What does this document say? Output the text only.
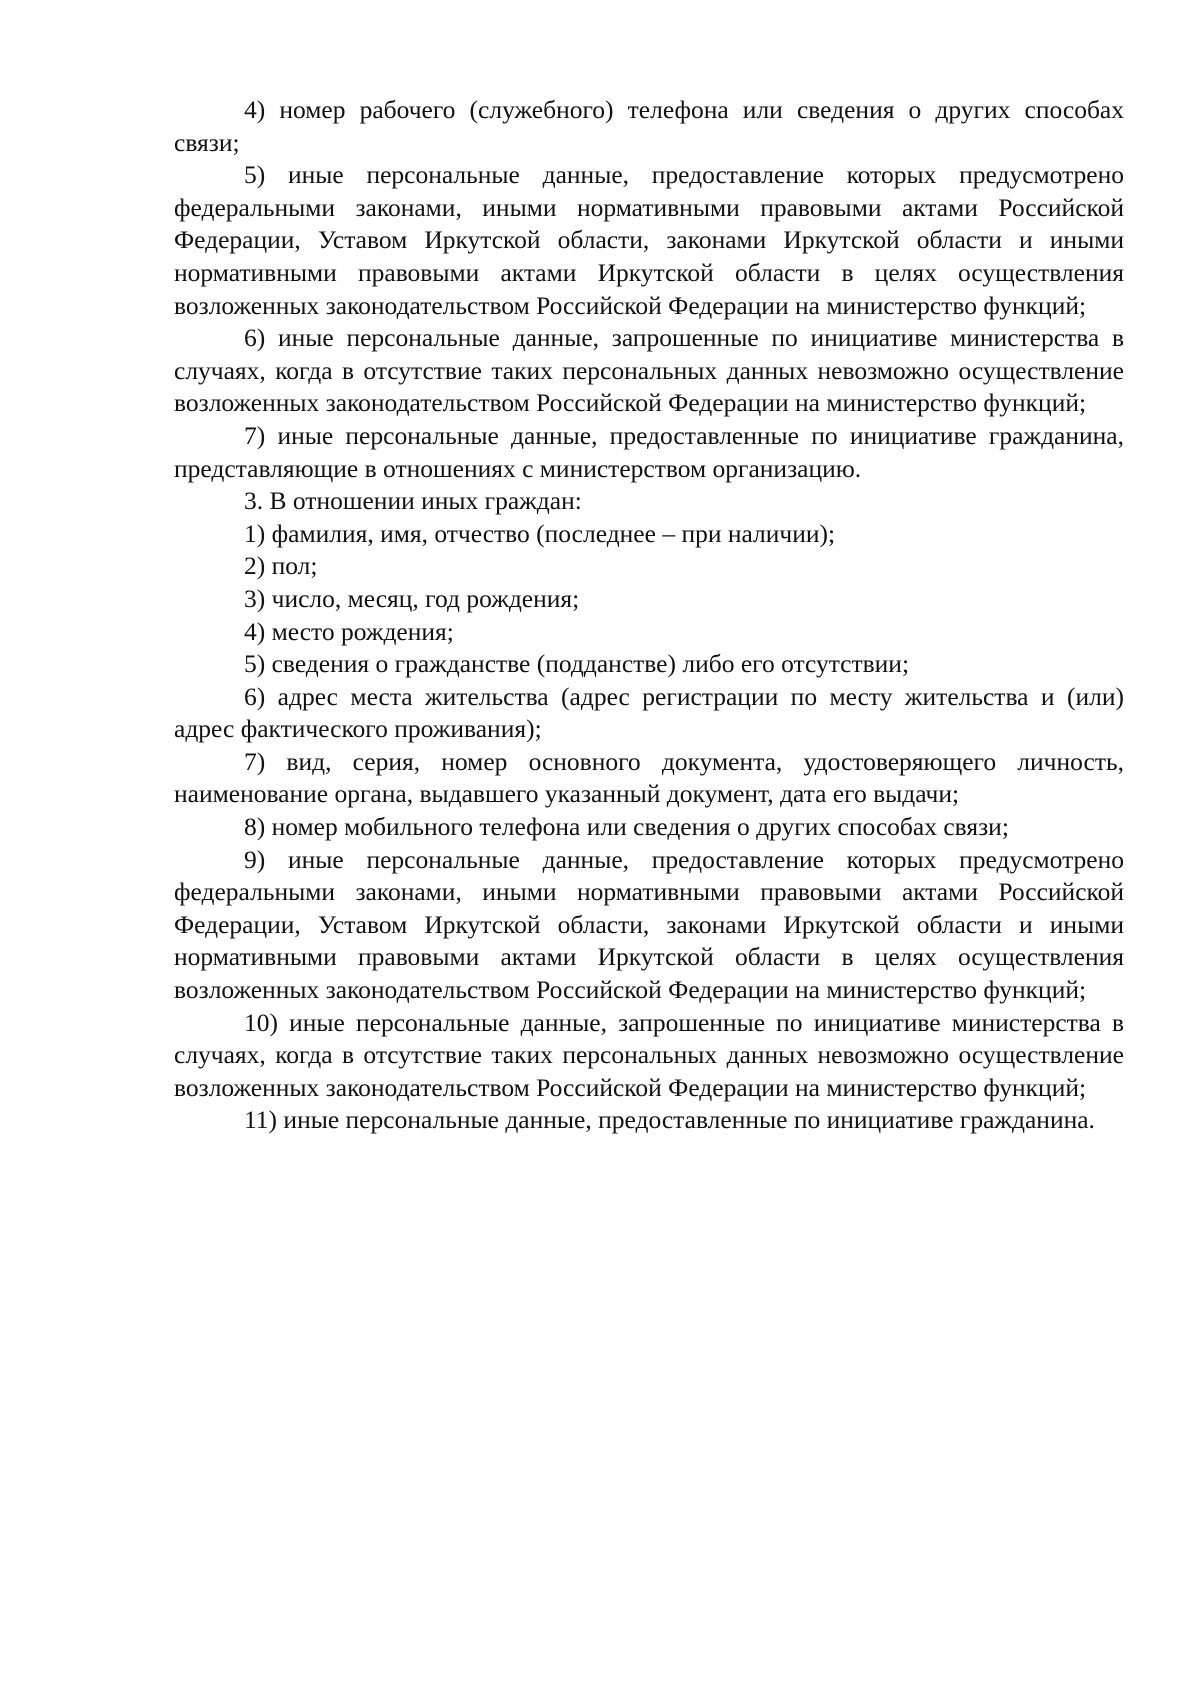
4) номер рабочего (служебного) телефона или сведения о других способах связи;

5) иные персональные данные, предоставление которых предусмотрено федеральными законами, иными нормативными правовыми актами Российской Федерации, Уставом Иркутской области, законами Иркутской области и иными нормативными правовыми актами Иркутской области в целях осуществления возложенных законодательством Российской Федерации на министерство функций;

6) иные персональные данные, запрошенные по инициативе министерства в случаях, когда в отсутствие таких персональных данных невозможно осуществление возложенных законодательством Российской Федерации на министерство функций;

7) иные персональные данные, предоставленные по инициативе гражданина, представляющие в отношениях с министерством организацию.

3. В отношении иных граждан:

1) фамилия, имя, отчество (последнее – при наличии);

2) пол;

3) число, месяц, год рождения;

4) место рождения;

5) сведения о гражданстве (подданстве) либо его отсутствии;

6) адрес места жительства (адрес регистрации по месту жительства и (или) адрес фактического проживания);

7) вид, серия, номер основного документа, удостоверяющего личность, наименование органа, выдавшего указанный документ, дата его выдачи;

8) номер мобильного телефона или сведения о других способах связи;

9) иные персональные данные, предоставление которых предусмотрено федеральными законами, иными нормативными правовыми актами Российской Федерации, Уставом Иркутской области, законами Иркутской области и иными нормативными правовыми актами Иркутской области в целях осуществления возложенных законодательством Российской Федерации на министерство функций;

10) иные персональные данные, запрошенные по инициативе министерства в случаях, когда в отсутствие таких персональных данных невозможно осуществление возложенных законодательством Российской Федерации на министерство функций;

11) иные персональные данные, предоставленные по инициативе гражданина.
